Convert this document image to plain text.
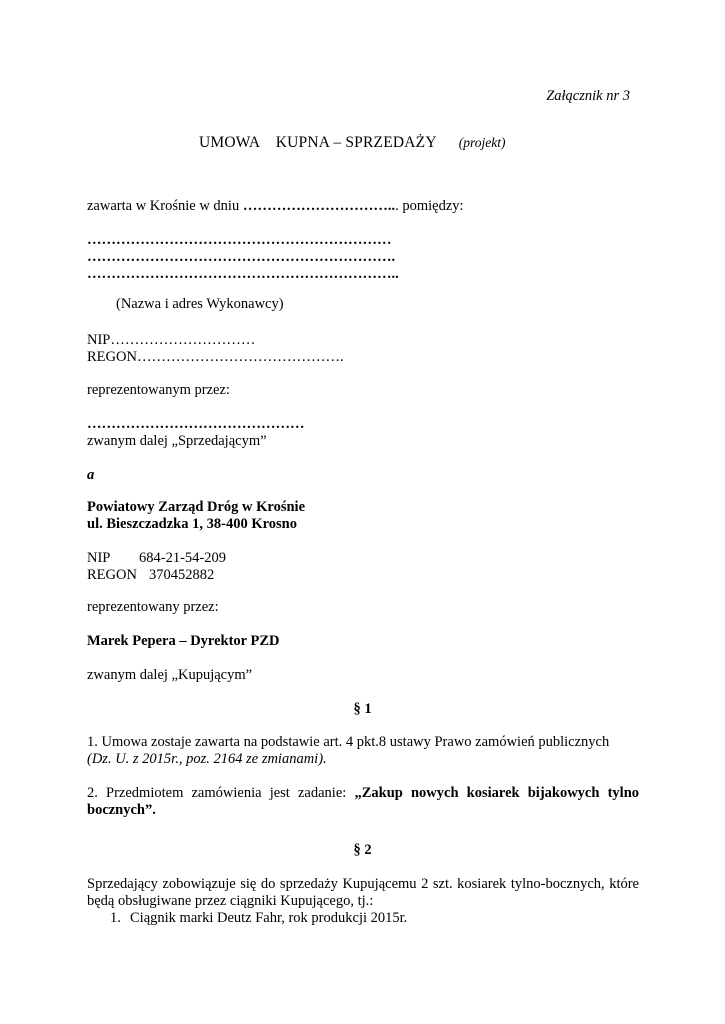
Załącznik nr 3
UMOWA    KUPNA – SPRZEDAŻY (projekt)
zawarta w Krośnie w dniu …………………………... pomiędzy:
………………………………………………………
……………………………………………………….
………………………………………………………..
(Nazwa i adres Wykonawcy)
NIP…………………………
REGON…………………………………….
reprezentowanym przez:
………………………………………
zwanym dalej „Sprzedającym”
a
Powiatowy Zarząd Dróg w Krośnie
ul. Bieszczadzka 1, 38-400 Krosno
NIP 684-21-54-209
REGON 370452882
reprezentowany przez:
Marek Pepera – Dyrektor PZD
zwanym dalej „Kupującym”
§ 1
1. Umowa zostaje zawarta na podstawie art. 4 pkt.8 ustawy Prawo zamówień publicznych
(Dz. U. z 2015r., poz. 2164 ze zmianami).
2. Przedmiotem zamówienia jest zadanie: „Zakup nowych kosiarek bijakowych tylno bocznych”.
§ 2
Sprzedający zobowiązuje się do sprzedaży Kupującemu 2 szt. kosiarek tylno-bocznych, które będą obsługiwane przez ciągniki Kupującego, tj.:
1. Ciągnik marki Deutz Fahr, rok produkcji 2015r.
